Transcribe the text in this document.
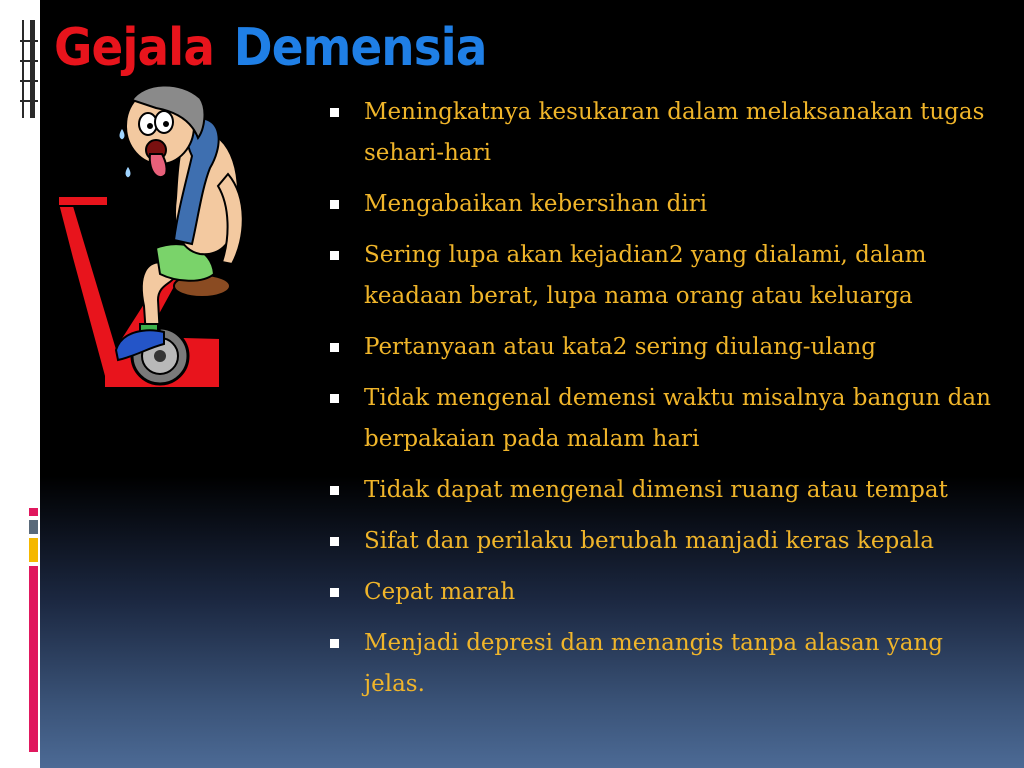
Gejala Demensia
Meningkatnya kesukaran dalam melaksanakan tugas sehari-hari
Mengabaikan kebersihan diri
Sering lupa akan kejadian2 yang dialami, dalam keadaan berat, lupa nama orang atau keluarga
Pertanyaan atau kata2 sering diulang-ulang
Tidak mengenal demensi waktu misalnya bangun dan berpakaian pada malam hari
Tidak dapat mengenal dimensi ruang atau tempat
Sifat dan perilaku berubah manjadi keras kepala
Cepat marah
Menjadi depresi dan menangis tanpa alasan yang jelas.
